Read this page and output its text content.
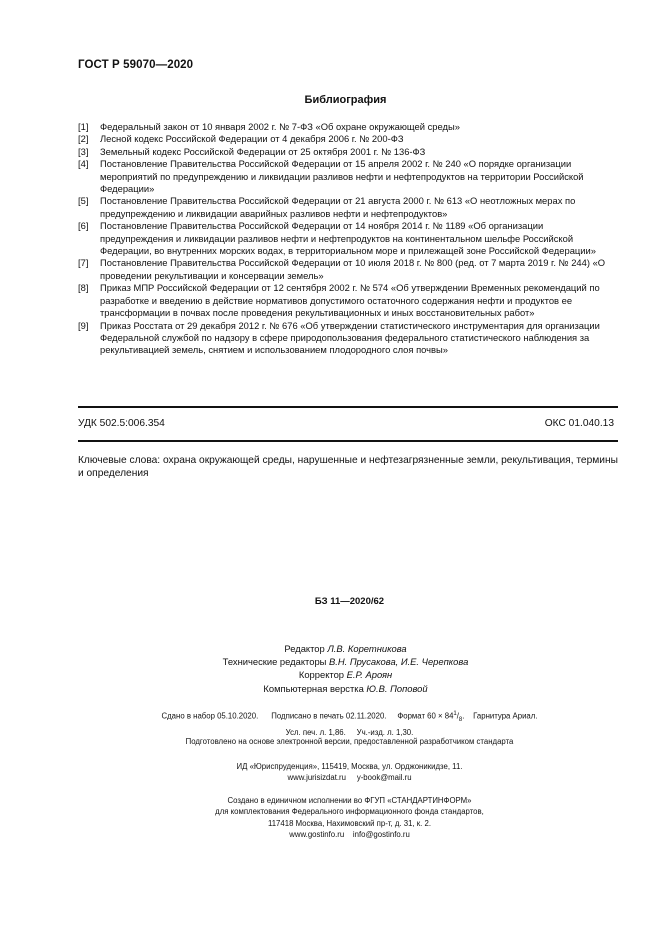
ГОСТ Р 59070—2020
Библиография
[1]	Федеральный закон от 10 января 2002 г. № 7-ФЗ «Об охране окружающей среды»
[2]	Лесной кодекс Российской Федерации от 4 декабря 2006 г. № 200-ФЗ
[3]	Земельный кодекс Российской Федерации от 25 октября 2001 г. № 136-ФЗ
[4]	Постановление Правительства Российской Федерации от 15 апреля 2002 г. № 240 «О порядке организации мероприятий по предупреждению и ликвидации разливов нефти и нефтепродуктов на территории Российской Федерации»
[5]	Постановление Правительства Российской Федерации от 21 августа 2000 г. № 613 «О неотложных мерах по предупреждению и ликвидации аварийных разливов нефти и нефтепродуктов»
[6]	Постановление Правительства Российской Федерации от 14 ноября 2014 г. № 1189 «Об организации предупреждения и ликвидации разливов нефти и нефтепродуктов на континентальном шельфе Российской Федерации, во внутренних морских водах, в территориальном море и прилежащей зоне Российской Федерации»
[7]	Постановление Правительства Российской Федерации от 10 июля 2018 г. № 800 (ред. от 7 марта 2019 г. № 244) «О проведении рекультивации и консервации земель»
[8]	Приказ МПР Российской Федерации от 12 сентября 2002 г. № 574 «Об утверждении Временных рекомендаций по разработке и введению в действие нормативов допустимого остаточного содержания нефти и продуктов ее трансформации в почвах после проведения рекультивационных и иных восстановительных работ»
[9]	Приказ Росстата от 29 декабря 2012 г. № 676 «Об утверждении статистического инструментария для организации Федеральной службой по надзору в сфере природопользования федерального статистического наблюдения за рекультивацией земель, снятием и использованием плодородного слоя почвы»
УДК 502.5:006.354	ОКС 01.040.13
Ключевые слова: охрана окружающей среды, нарушенные и нефтезагрязненные земли, рекультивация, термины и определения
БЗ 11—2020/62
Редактор Л.В. Коретникова
Технические редакторы В.Н. Прусакова, И.Е. Черепкова
Корректор Е.Р. Ароян
Компьютерная верстка Ю.В. Поповой
Сдано в набор 05.10.2020. Подписано в печать 02.11.2020. Формат $60 \times 84^1/_8$.    Гарнитура Ариал.
Усл. печ. л. 1,86. Уч.-изд. л. 1,30.
Подготовлено на основе электронной версии, предоставленной разработчиком стандарта
ИД «Юриспруденция», 115419, Москва, ул. Орджоникидзе, 11.
www.jurisizdat.ru y-book@mail.ru
Создано в единичном исполнении во ФГУП «СТАНДАРТИНФОРМ»
для комплектования Федерального информационного фонда стандартов,
117418 Москва, Нахимовский пр-т, д. 31, к. 2.
www.gostinfo.ru info@gostinfo.ru
